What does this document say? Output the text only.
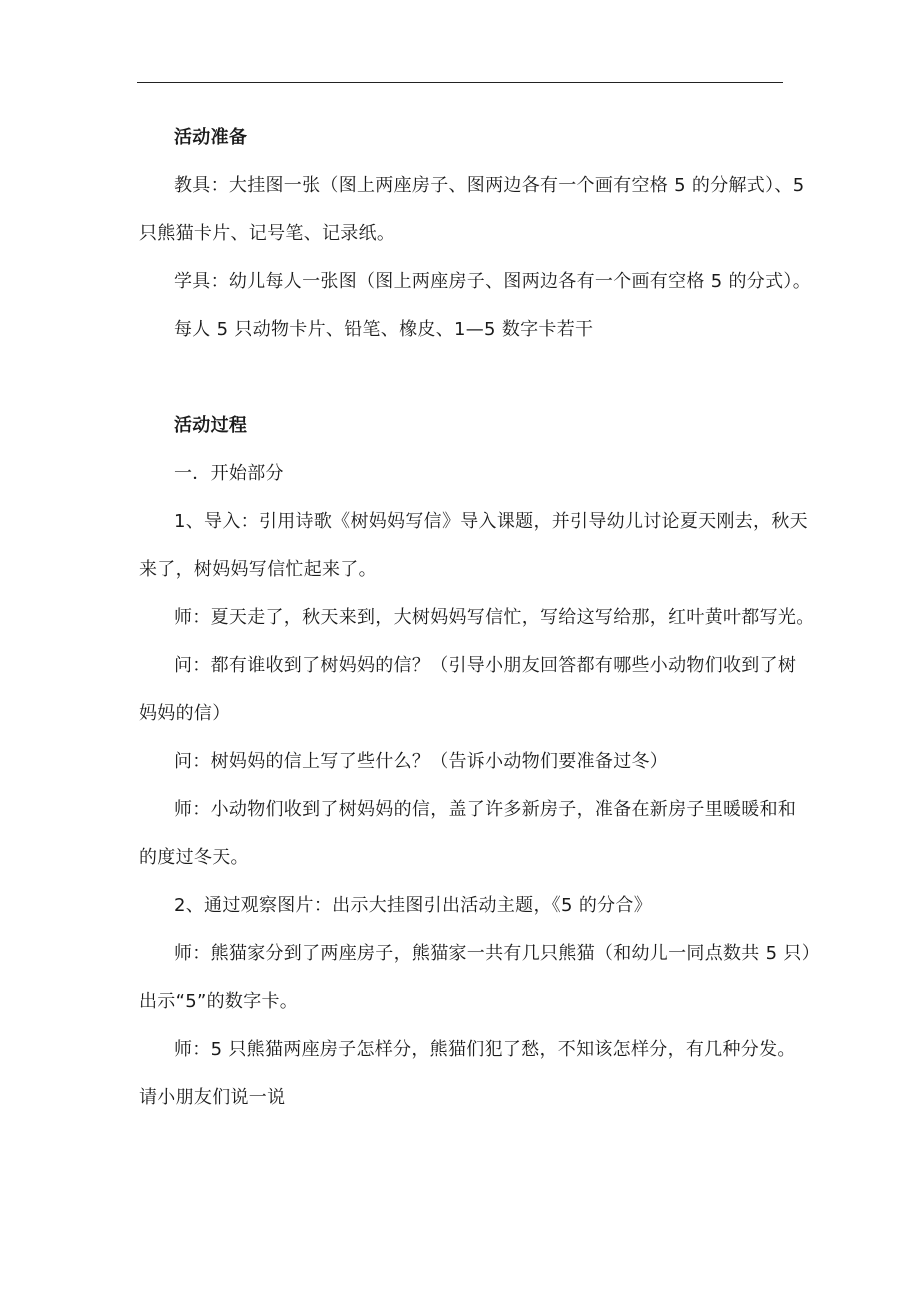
活动准备
教具：大挂图一张（图上两座房子、图两边各有一个画有空格 5 的分解式）、5
只熊猫卡片、记号笔、记录纸。
学具：幼儿每人一张图（图上两座房子、图两边各有一个画有空格 5 的分式）。
每人 5 只动物卡片、铅笔、橡皮、1—5 数字卡若干
活动过程
一．开始部分
1、导入：引用诗歌《树妈妈写信》导入课题，并引导幼儿讨论夏天刚去，秋天
来了，树妈妈写信忙起来了。
师：夏天走了，秋天来到，大树妈妈写信忙，写给这写给那，红叶黄叶都写光。
问：都有谁收到了树妈妈的信？（引导小朋友回答都有哪些小动物们收到了树
妈妈的信）
问：树妈妈的信上写了些什么？（告诉小动物们要准备过冬）
师：小动物们收到了树妈妈的信，盖了许多新房子，准备在新房子里暖暖和和
的度过冬天。
2、通过观察图片：出示大挂图引出活动主题，《5 的分合》
师：熊猫家分到了两座房子，熊猫家一共有几只熊猫（和幼儿一同点数共 5 只）
出示“5”的数字卡。
师：5 只熊猫两座房子怎样分，熊猫们犯了愁，不知该怎样分，有几种分发。
请小朋友们说一说
